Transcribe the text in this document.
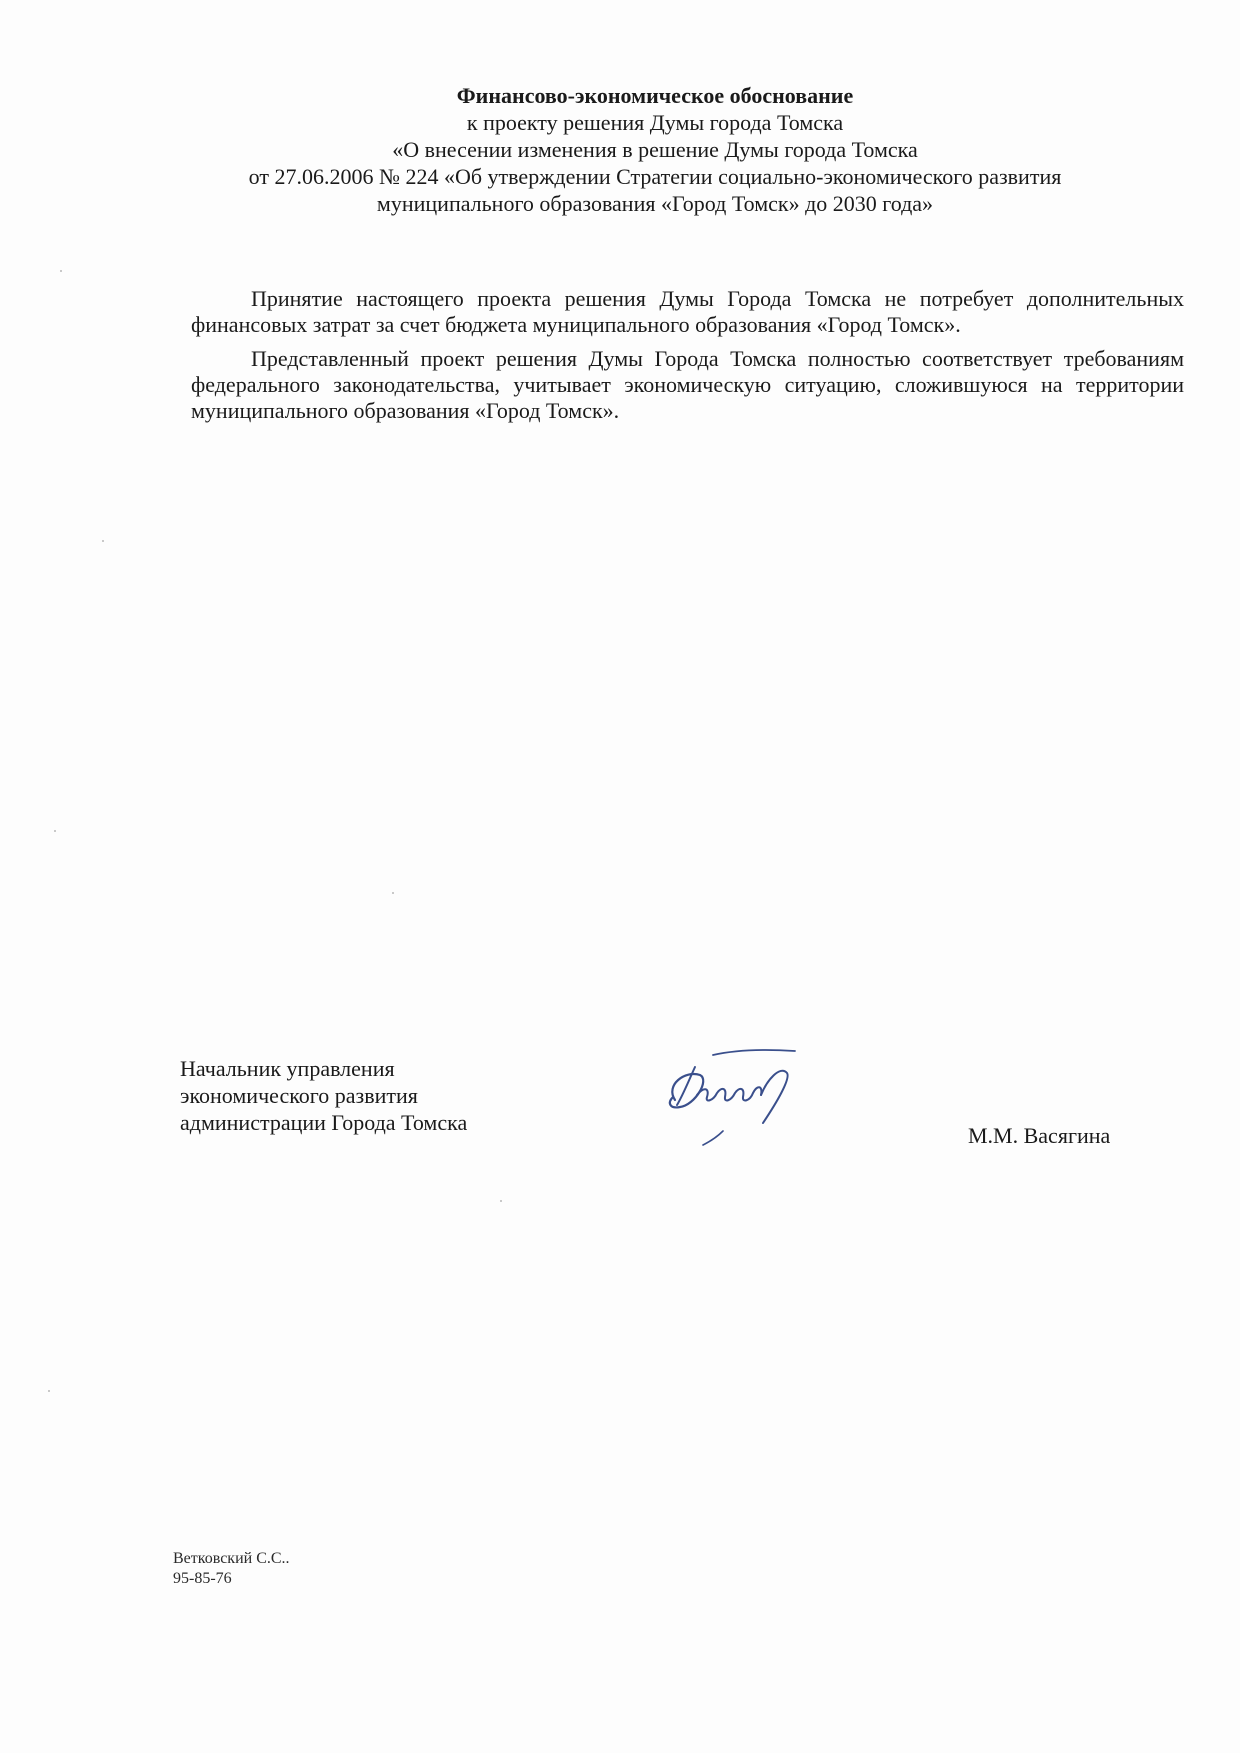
Финансово-экономическое обоснование
к проекту решения Думы города Томска
«О внесении изменения в решение Думы города Томска
от 27.06.2006 № 224 «Об утверждении Стратегии социально-экономического развития
муниципального образования «Город Томск» до 2030 года»

Принятие настоящего проекта решения Думы Города Томска не потребует дополнительных финансовых затрат за счет бюджета муниципального образования «Город Томск».

Представленный проект решения Думы Города Томска полностью соответствует требованиям федерального законодательства, учитывает экономическую ситуацию, сложившуюся на территории муниципального образования «Город Томск».

Начальник управления
экономического развития
администрации Города Томска
М.М. Васягина
Ветковский С.С..
95-85-76
